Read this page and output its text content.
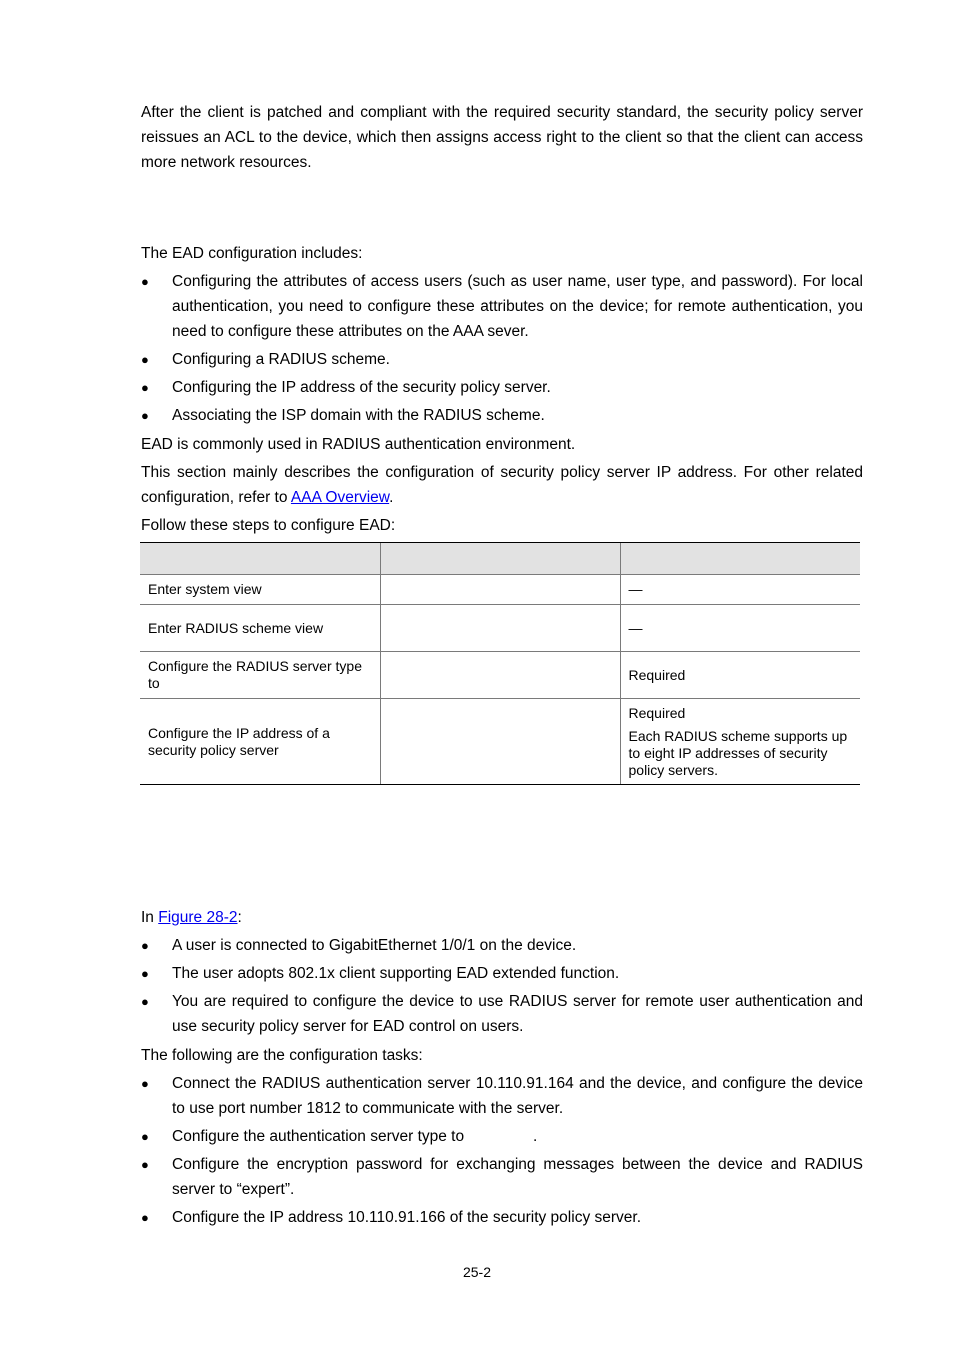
After the client is patched and compliant with the required security standard, the security policy server reissues an ACL to the device, which then assigns access right to the client so that the client can access more network resources.

The EAD configuration includes:

● Configuring the attributes of access users (such as user name, user type, and password). For local authentication, you need to configure these attributes on the device; for remote authentication, you need to configure these attributes on the AAA sever.
● Configuring a RADIUS scheme.
● Configuring the IP address of the security policy server.
● Associating the ISP domain with the RADIUS scheme.

EAD is commonly used in RADIUS authentication environment.

This section mainly describes the configuration of security policy server IP address. For other related configuration, refer to AAA Overview.

Follow these steps to configure EAD:

Enter system view		—

Enter RADIUS scheme view		—

Configure the RADIUS server type to		Required

Configure the IP address of a security policy server		Required

Each RADIUS scheme supports up to eight IP addresses of security policy servers.

In Figure 28-2:

● A user is connected to GigabitEthernet 1/0/1 on the device.
● The user adopts 802.1x client supporting EAD extended function.
● You are required to configure the device to use RADIUS server for remote user authentication and use security policy server for EAD control on users.

The following are the configuration tasks:

● Connect the RADIUS authentication server 10.110.91.164 and the device, and configure the device to use port number 1812 to communicate with the server.
● Configure the authentication server type to                .
● Configure the encryption password for exchanging messages between the device and RADIUS server to “expert”.
● Configure the IP address 10.110.91.166 of the security policy server.
25-2
